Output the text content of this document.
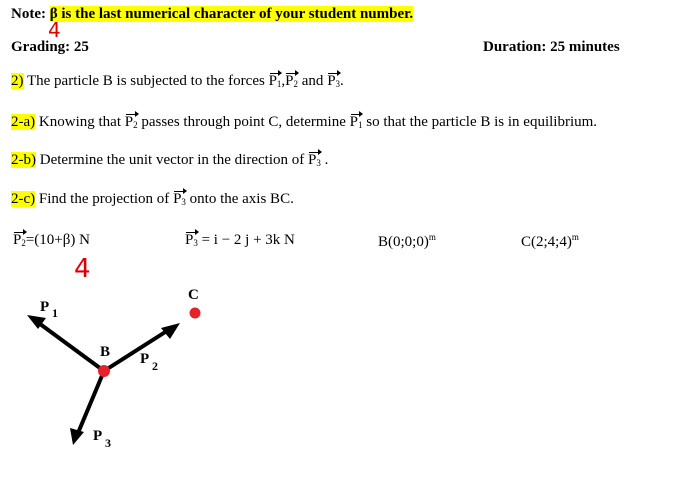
Note: β is the last numerical character of your student number.
4
Grading: 25	Duration: 25 minutes
2) The particle B is subjected to the forces $P_1,P_2$ and $P_3$.
2-a) Knowing that $P_2$ passes through point C, determine $P_1$ so that the particle B is in equilibrium.
2-b) Determine the unit vector in the direction of $P_3$ .
2-c) Find the projection of $P_3$ onto the axis BC.
$P_2=(10+\beta)$ N	$P_3 = i - 2$ j + 3k N	B(0;0;0)$^m$	C(2;4;4)$^m$
4
C
B
P 1
P 2
P 3
